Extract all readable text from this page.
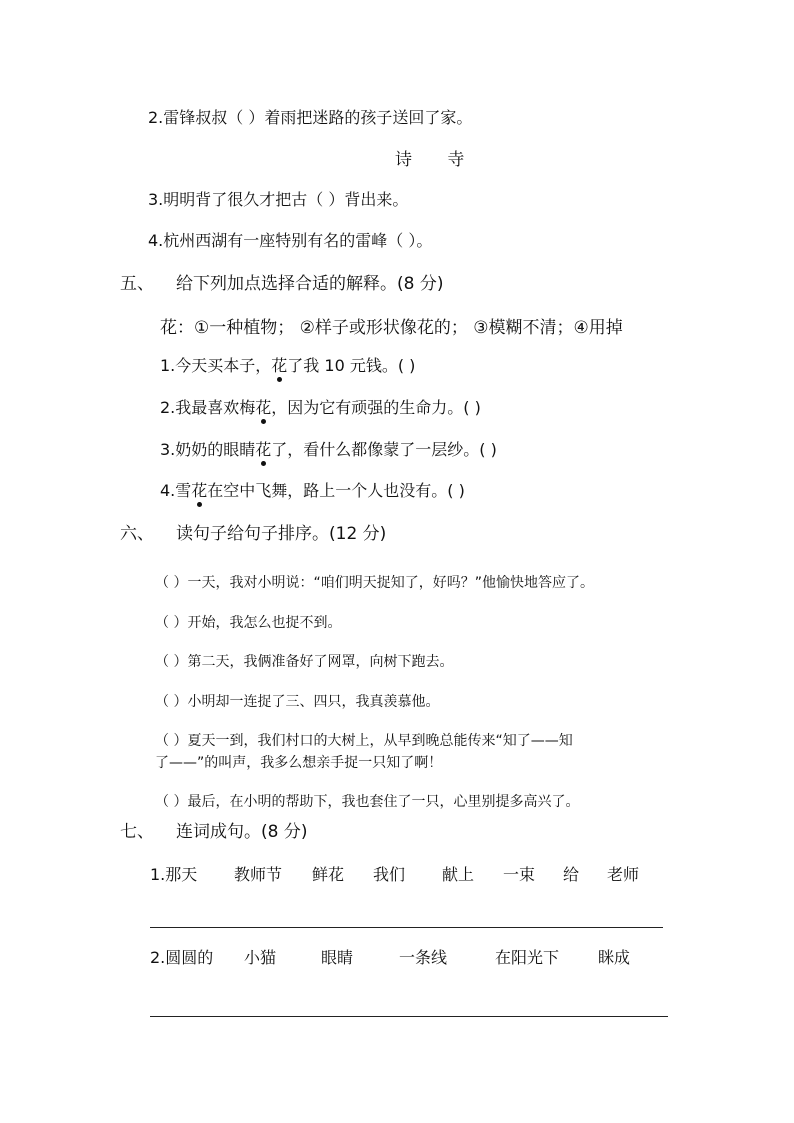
2.雷锋叔叔（ ）着雨把迷路的孩子送回了家。
诗 寺
3.明明背了很久才把古（ ）背出来。
4.杭州西湖有一座特别有名的雷峰（ ）。
五、 给下列加点选择合适的解释。(8 分)
花：①一种植物； ②样子或形状像花的； ③模糊不清；④用掉
1.今天买本子，花了我 10 元钱。( )
2.我最喜欢梅花，因为它有顽强的生命力。( )
3.奶奶的眼睛花了，看什么都像蒙了一层纱。( )
4.雪花在空中飞舞，路上一个人也没有。( )
六、 读句子给句子排序。(12 分)
（ ）一天，我对小明说：“咱们明天捉知了，好吗？”他愉快地答应了。
（ ）开始，我怎么也捉不到。
（ ）第二天，我俩准备好了网罩，向树下跑去。
（ ）小明却一连捉了三、四只，我真羡慕他。
（ ）夏天一到，我们村口的大树上，从早到晚总能传来“知了——知
了——”的叫声，我多么想亲手捉一只知了啊！
（ ）最后，在小明的帮助下，我也套住了一只，心里别提多高兴了。
七、 连词成句。(8 分)
1.那天 教师节 鲜花 我们 献上 一束 给 老师
2.圆圆的 小猫	眼睛	一条线	在阳光下 眯成
